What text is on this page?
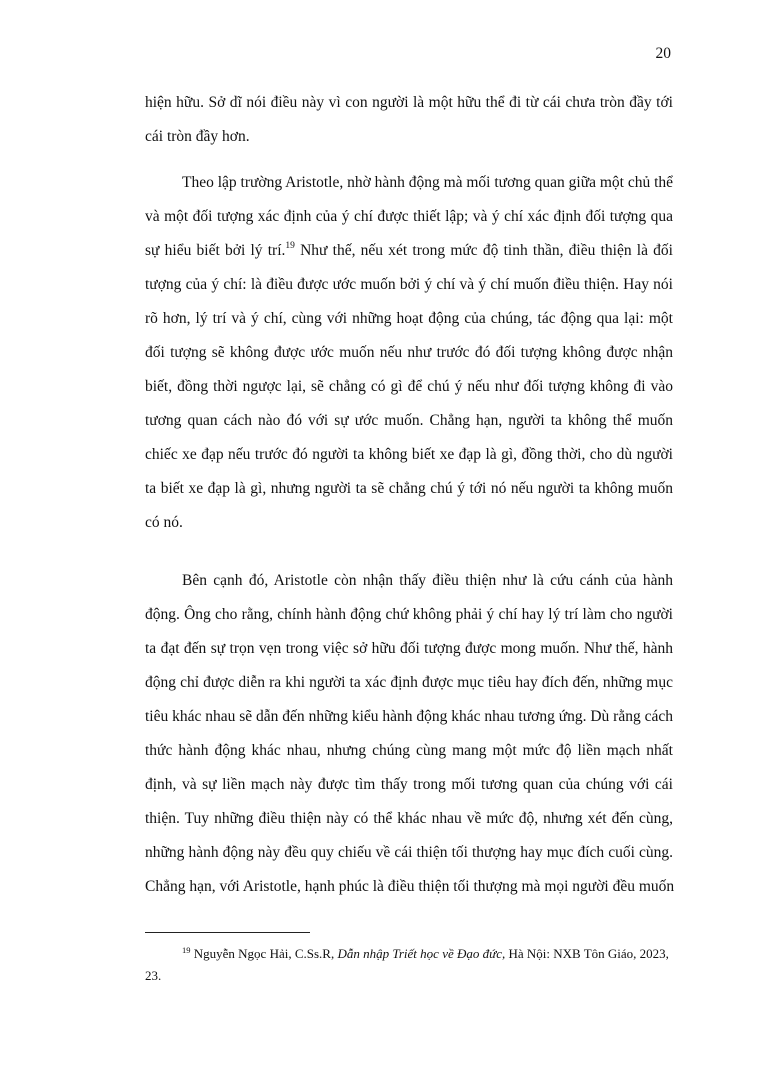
20
hiện hữu. Sở dĩ nói điều này vì con người là một hữu thể đi từ cái chưa tròn đầy tới
cái tròn đầy hơn.
Theo lập trường Aristotle, nhờ hành động mà mối tương quan giữa một chủ thể
và một đối tượng xác định của ý chí được thiết lập; và ý chí xác định đối tượng qua
sự hiểu biết bởi lý trí.$^{19}$ Như thế, nếu xét trong mức độ tinh thần, điều thiện là đối
tượng của ý chí: là điều được ước muốn bởi ý chí và ý chí muốn điều thiện. Hay nói
rõ hơn, lý trí và ý chí, cùng với những hoạt động của chúng, tác động qua lại: một
đối tượng sẽ không được ước muốn nếu như trước đó đối tượng không được nhận
biết, đồng thời ngược lại, sẽ chẳng có gì để chú ý nếu như đối tượng không đi vào
tương quan cách nào đó với sự ước muốn. Chẳng hạn, người ta không thể muốn
chiếc xe đạp nếu trước đó người ta không biết xe đạp là gì, đồng thời, cho dù người
ta biết xe đạp là gì, nhưng người ta sẽ chẳng chú ý tới nó nếu người ta không muốn
có nó.
Bên cạnh đó, Aristotle còn nhận thấy điều thiện như là cứu cánh của hành
động. Ông cho rằng, chính hành động chứ không phải ý chí hay lý trí làm cho người
ta đạt đến sự trọn vẹn trong việc sở hữu đối tượng được mong muốn. Như thế, hành
động chỉ được diễn ra khi người ta xác định được mục tiêu hay đích đến, những mục
tiêu khác nhau sẽ dẫn đến những kiểu hành động khác nhau tương ứng. Dù rằng cách
thức hành động khác nhau, nhưng chúng cùng mang một mức độ liền mạch nhất
định, và sự liền mạch này được tìm thấy trong mối tương quan của chúng với cái
thiện. Tuy những điều thiện này có thể khác nhau về mức độ, nhưng xét đến cùng,
những hành động này đều quy chiếu về cái thiện tối thượng hay mục đích cuối cùng.
Chẳng hạn, với Aristotle, hạnh phúc là điều thiện tối thượng mà mọi người đều muốn
$^{19}$ Nguyễn Ngọc Hải, C.Ss.R, Dẫn nhập Triết học về Đạo đức, Hà Nội: NXB Tôn Giáo, 2023,
23.
